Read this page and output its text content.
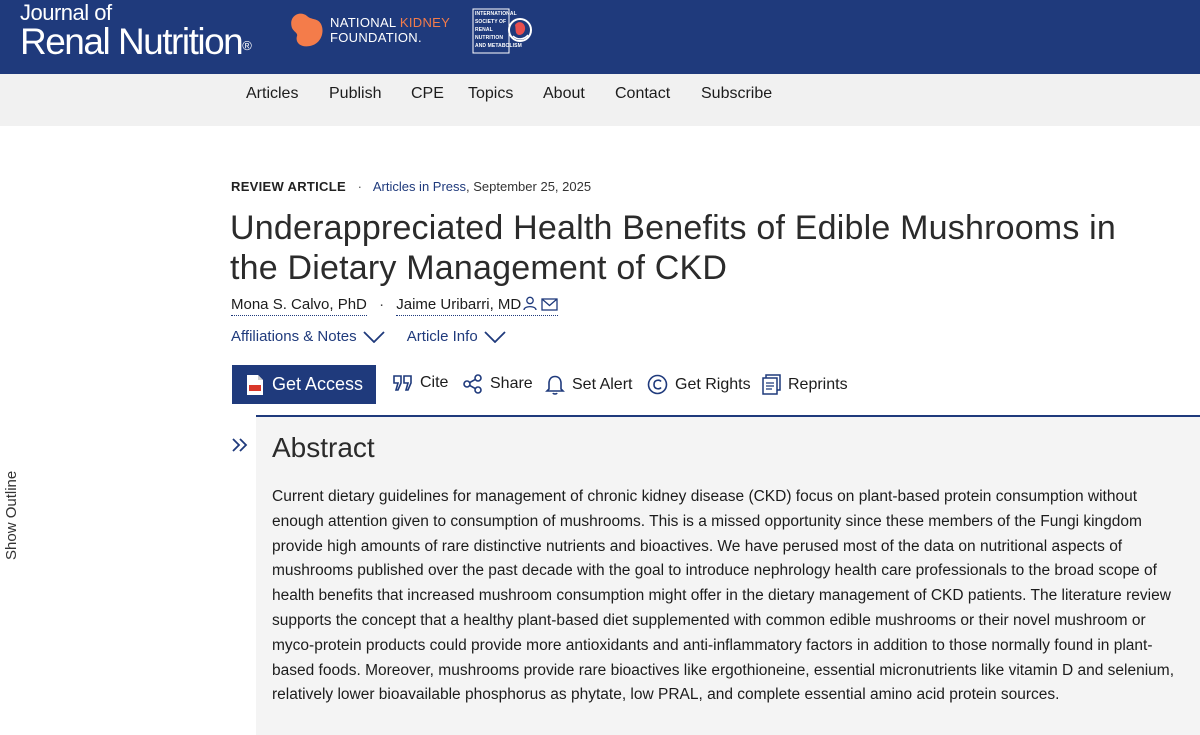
Journal of
Renal Nutrition®
NATIONAL KIDNEY
FOUNDATION.
INTERNATIONAL
SOCIETY OF
RENAL
NUTRITION
AND METABOLISM
Articles Publish CPE Topics About Contact Subscribe
REVIEW ARTICLE · Articles in Press, September 25, 2025
Underappreciated Health Benefits of Edible Mushrooms in the Dietary Management of CKD
Mona S. Calvo, PhD · Jaime Uribarri, MD
Affiliations & Notes
	Article Info
Get Access	Cite	Share Set Alert	Get Rights Reprints
Show Outline
Abstract

Current dietary guidelines for management of chronic kidney disease (CKD) focus on plant-based protein consumption without enough attention given to consumption of mushrooms. This is a missed opportunity since these members of the Fungi kingdom provide high amounts of rare distinctive nutrients and bioactives. We have perused most of the data on nutritional aspects of mushrooms published over the past decade with the goal to introduce nephrology health care professionals to the broad scope of health benefits that increased mushroom consumption might offer in the dietary management of CKD patients. The literature review supports the concept that a healthy plant-based diet supplemented with common edible mushrooms or their novel mushroom or myco-protein products could provide more antioxidants and anti-inflammatory factors in addition to those normally found in plant-based foods. Moreover, mushrooms provide rare bioactives like ergothioneine, essential micronutrients like vitamin D and selenium, relatively lower bioavailable phosphorus as phytate, low PRAL, and complete essential amino acid protein sources.
